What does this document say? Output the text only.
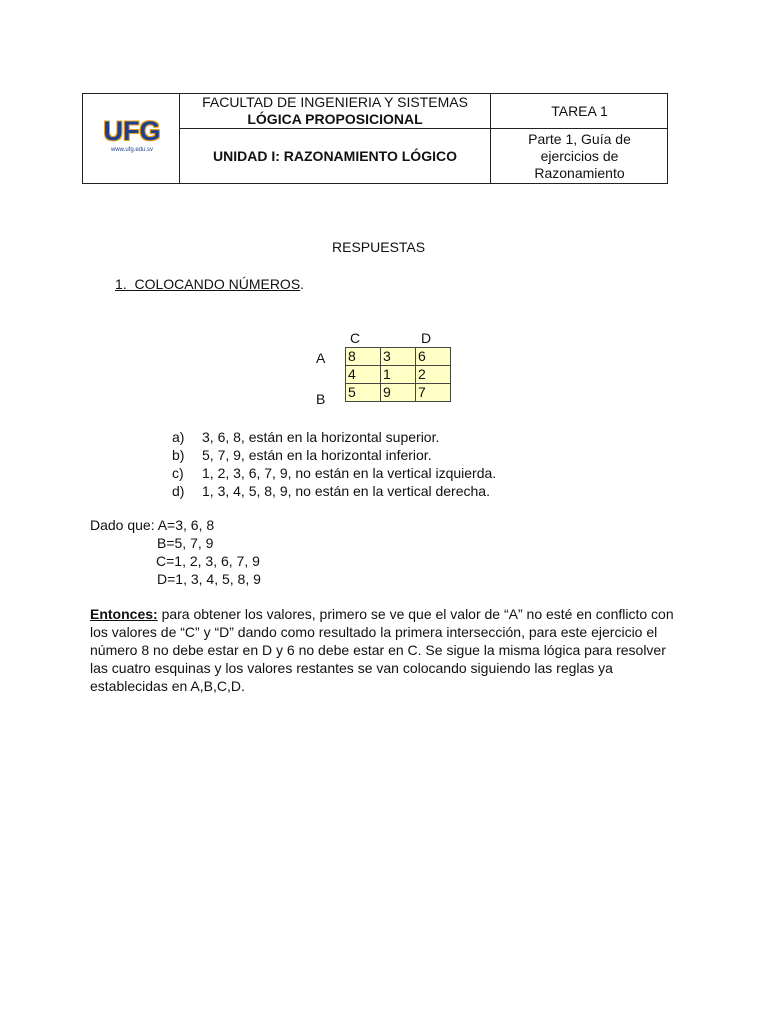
UFG
www.ufg.edu.sv
FACULTAD DE INGENIERIA Y SISTEMAS
LÓGICA PROPOSICIONAL
TAREA 1
UNIDAD I: RAZONAMIENTO LÓGICO
Parte 1, Guía de
ejercicios de
Razonamiento
RESPUESTAS
1. COLOCANDO NÚMEROS.
C	D
A
B
8	3	6
4	1	2
5	9	7
a) 3, 6, 8, están en la horizontal superior.
b) 5, 7, 9, están en la horizontal inferior.
c) 1, 2, 3, 6, 7, 9, no están en la vertical izquierda.
d) 1, 3, 4, 5, 8, 9, no están en la vertical derecha.
Dado que: A=3, 6, 8
B=5, 7, 9
C=1, 2, 3, 6, 7, 9
D=1, 3, 4, 5, 8, 9
Entonces: para obtener los valores, primero se ve que el valor de “A” no esté en conflicto con los valores de “C” y “D” dando como resultado la primera intersección, para este ejercicio el número 8 no debe estar en D y 6 no debe estar en C. Se sigue la misma lógica para resolver las cuatro esquinas y los valores restantes se van colocando siguiendo las reglas ya establecidas en A,B,C,D.
